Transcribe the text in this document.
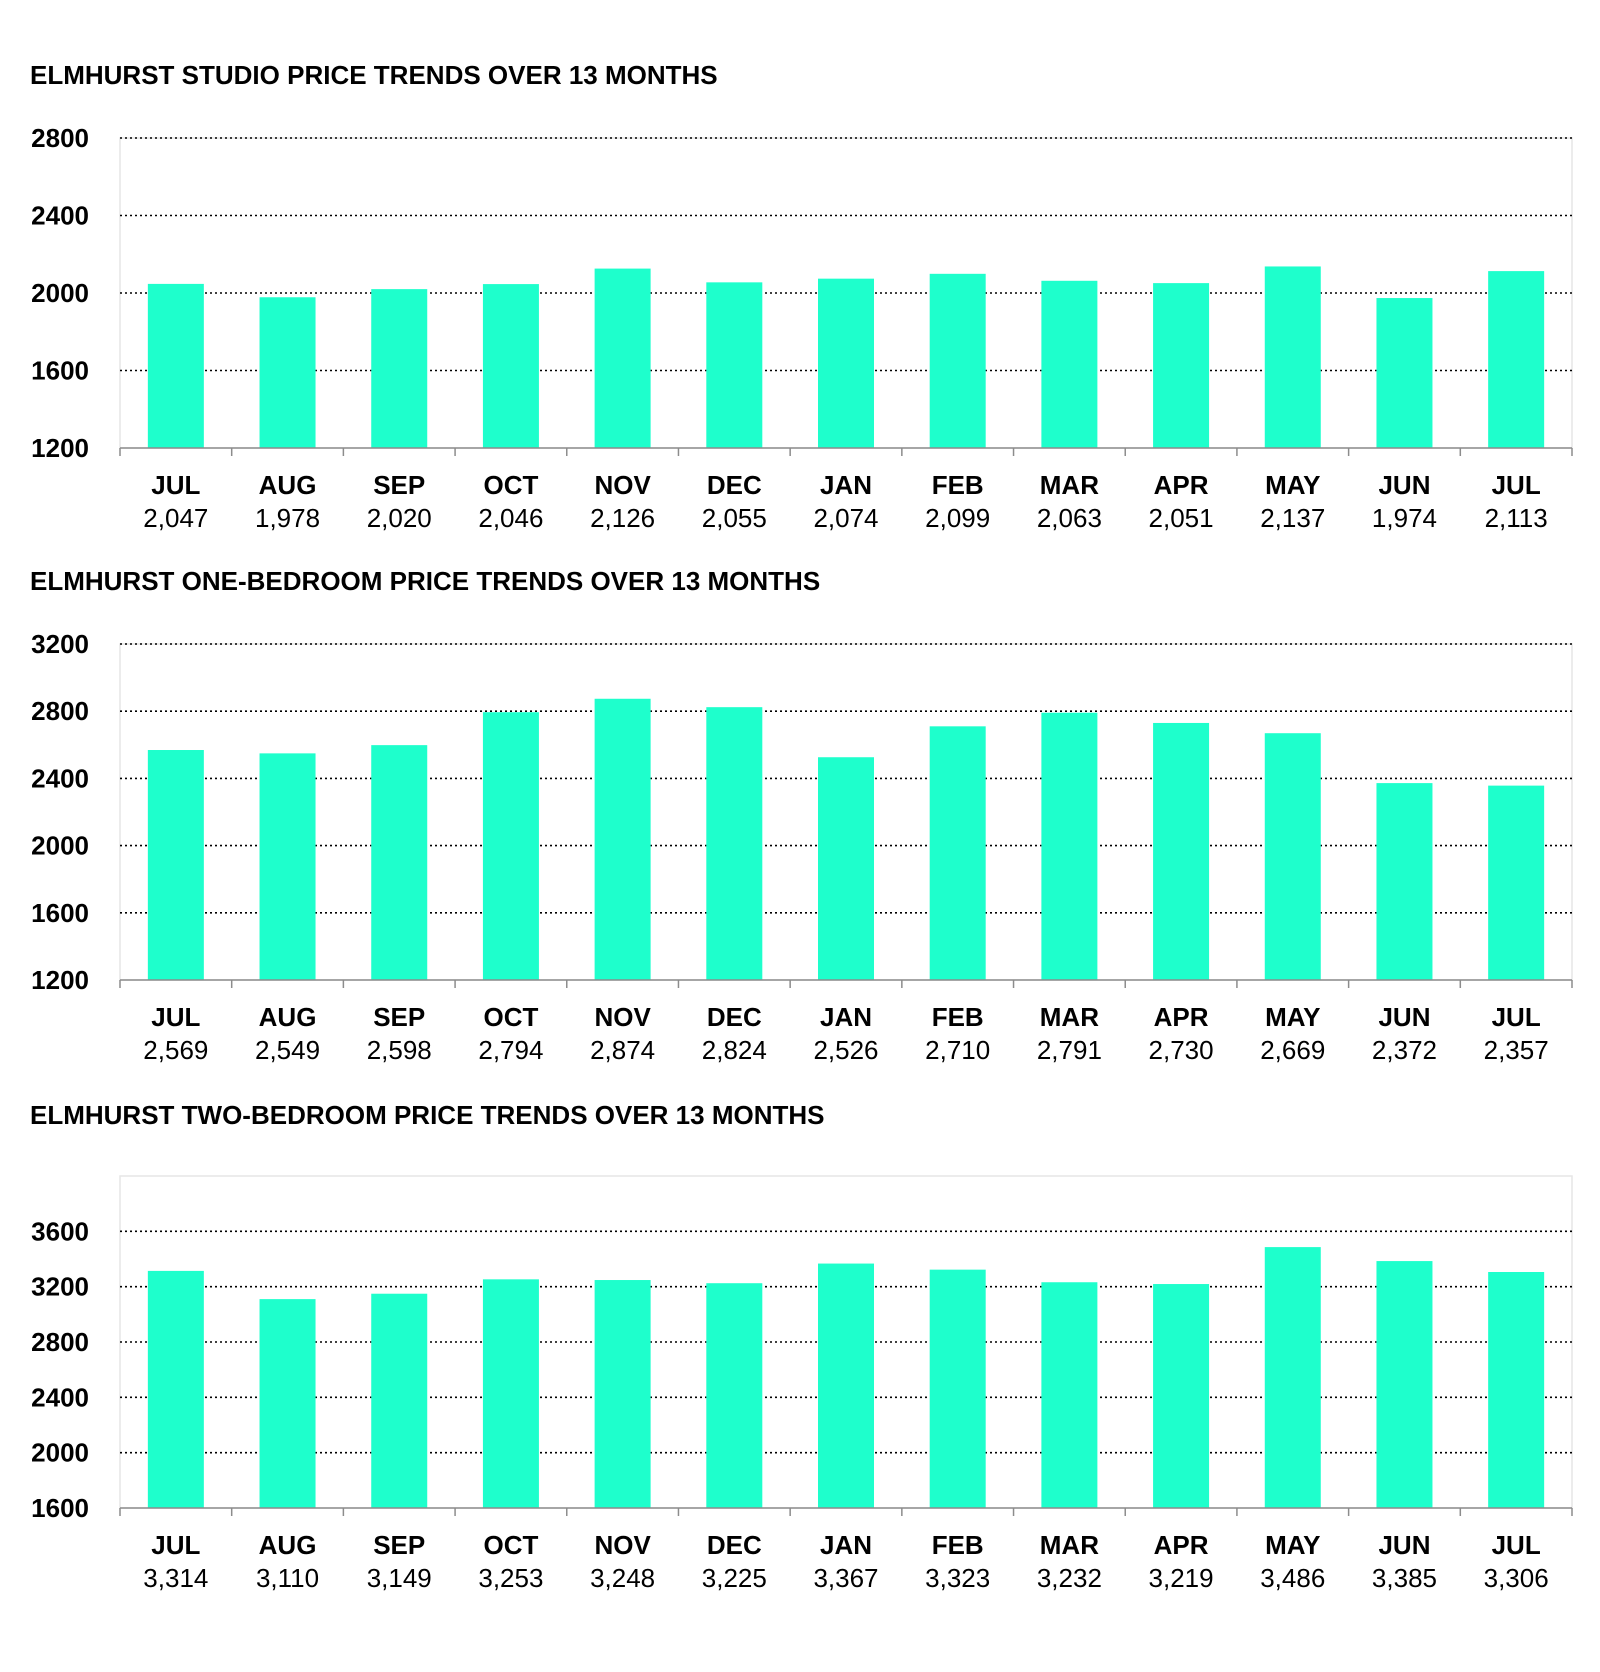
ELMHURST STUDIO PRICE TRENDS OVER 13 MONTHS
1200
1600
2000
2400
2800
JUL
2,047
AUG
1,978
SEP
2,020
OCT
2,046
NOV
2,126
DEC
2,055
JAN
2,074
FEB
2,099
MAR
2,063
APR
2,051
MAY
2,137
JUN
1,974
JUL
2,113
ELMHURST ONE-BEDROOM PRICE TRENDS OVER 13 MONTHS
1200
1600
2000
2400
2800
3200
JUL
2,569
AUG
2,549
SEP
2,598
OCT
2,794
NOV
2,874
DEC
2,824
JAN
2,526
FEB
2,710
MAR
2,791
APR
2,730
MAY
2,669
JUN
2,372
JUL
2,357
ELMHURST TWO-BEDROOM PRICE TRENDS OVER 13 MONTHS
1600
2000
2400
2800
3200
3600
JUL
3,314
AUG
3,110
SEP
3,149
OCT
3,253
NOV
3,248
DEC
3,225
JAN
3,367
FEB
3,323
MAR
3,232
APR
3,219
MAY
3,486
JUN
3,385
JUL
3,306
